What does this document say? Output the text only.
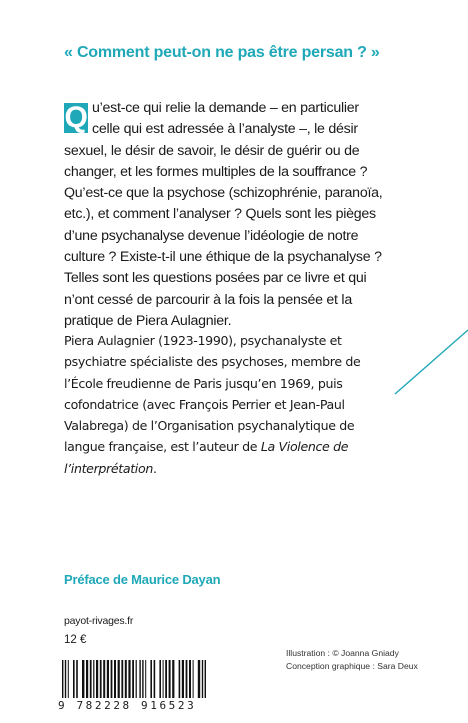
« Comment peut-on ne pas être persan ? »
Q u’est-ce qui relie la demande – en particulier
celle qui est adressée à l’analyste –, le désir
sexuel, le désir de savoir, le désir de guérir ou de
changer, et les formes multiples de la souffrance ?
Qu’est-ce que la psychose (schizophrénie, paranoïa,
etc.), et comment l’analyser ? Quels sont les pièges
d’une psychanalyse devenue l’idéologie de notre
culture ? Existe-t-il une éthique de la psychanalyse ?
Telles sont les questions posées par ce livre et qui
n’ont cessé de parcourir à la fois la pensée et la
pratique de Piera Aulagnier.
Piera Aulagnier (1923-1990), psychanalyste et
psychiatre spécialiste des psychoses, membre de
l’École freudienne de Paris jusqu’en 1969, puis
cofondatrice (avec François Perrier et Jean-Paul
Valabrega) de l’Organisation psychanalytique de
langue française, est l’auteur de La Violence de
l’interprétation.
Préface de Maurice Dayan
payot-rivages.fr
12 €
Illustration : © Joanna Gniady
Conception graphique : Sara Deux
9 782228 916523
